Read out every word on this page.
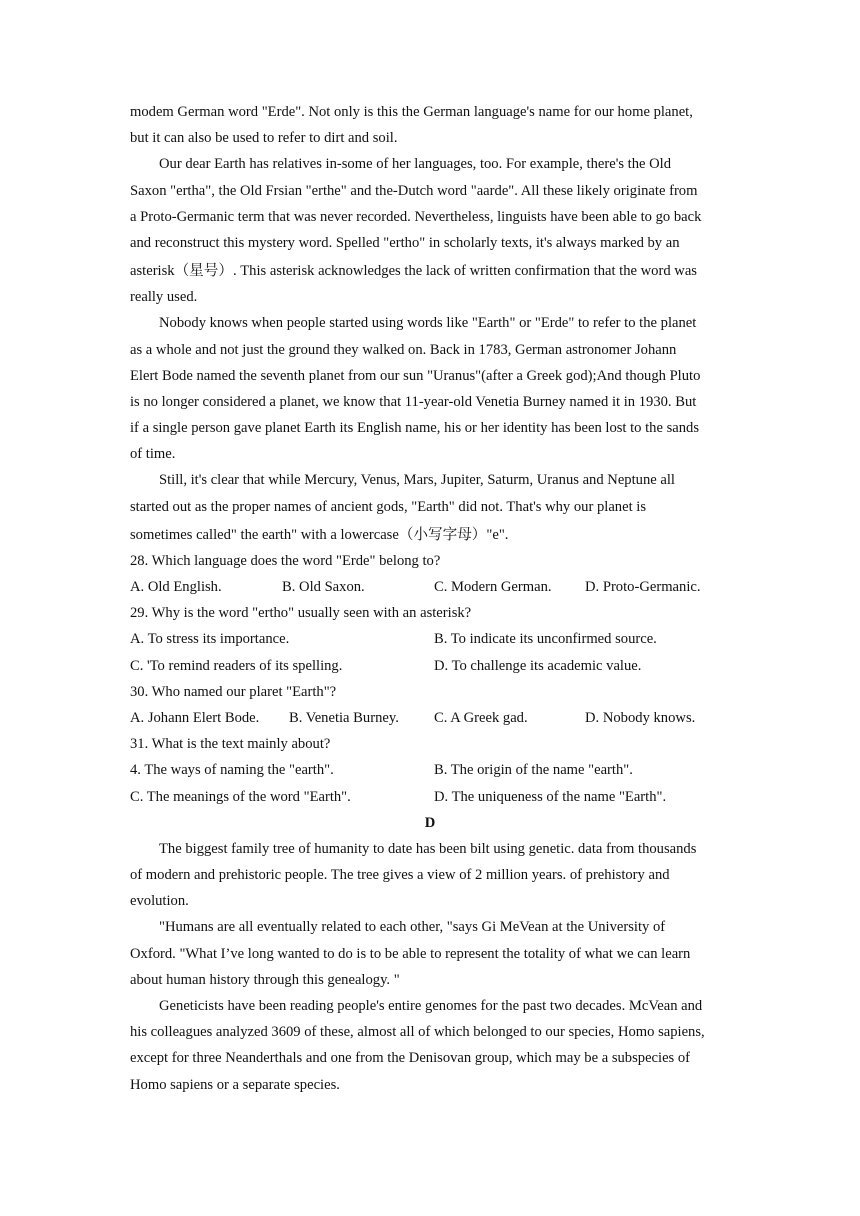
modem German word "Erde". Not only is this the German language's name for our home planet,
but it can also be used to refer to dirt and soil.
Our dear Earth has relatives in-some of her languages, too. For example, there's the Old
Saxon "ertha", the Old Frsian "erthe" and the-Dutch word "aarde". All these likely originate from
a Proto-Germanic term that was never recorded. Nevertheless, linguists have been able to go back
and reconstruct this mystery word. Spelled "ertho" in scholarly texts, it's always marked by an
asterisk（星号）. This asterisk acknowledges the lack of written confirmation that the word was
really used.
Nobody knows when people started using words like "Earth" or "Erde" to refer to the planet
as a whole and not just the ground they walked on. Back in 1783, German astronomer Johann
Elert Bode named the seventh planet from our sun "Uranus"(after a Greek god);And though Pluto
is no longer considered a planet, we know that 11-year-old Venetia Burney named it in 1930. But
if a single person gave planet Earth its English name, his or her identity has been lost to the sands
of time.
Still, it's clear that while Mercury, Venus, Mars, Jupiter, Saturm, Uranus and Neptune all
started out as the proper names of ancient gods, "Earth" did not. That's why our planet is
sometimes called" the earth" with a lowercase（小写字母）"e".
28. Which language does the word "Erde" belong to?
A. Old English.	B. Old Saxon.	C. Modern German.	D. Proto-Germanic.
29. Why is the word "ertho" usually seen with an asterisk?
A. To stress its importance.	B. To indicate its unconfirmed source.
C. 'To remind readers of its spelling.	D. To challenge its academic value.
30. Who named our plaret "Earth"?
A. Johann Elert Bode.	B. Venetia Burney.	C. A Greek gad.	D. Nobody knows.
31. What is the text mainly about?
4. The ways of naming the "earth".	B. The origin of the name "earth".
C. The meanings of the word "Earth".	D. The uniqueness of the name "Earth".
D
The biggest family tree of humanity to date has been bilt using genetic. data from thousands
of modern and prehistoric people. The tree gives a view of 2 million years. of prehistory and
evolution.
"Humans are all eventually related to each other, "says Gi MeVean at the University of
Oxford. "What I’ve long wanted to do is to be able to represent the totality of what we can learn
about human history through this genealogy. "
Geneticists have been reading people's entire genomes for the past two decades. McVean and
his colleagues analyzed 3609 of these, almost all of which belonged to our species, Homo sapiens,
except for three Neanderthals and one from the Denisovan group, which may be a subspecies of
Homo sapiens or a separate species.
